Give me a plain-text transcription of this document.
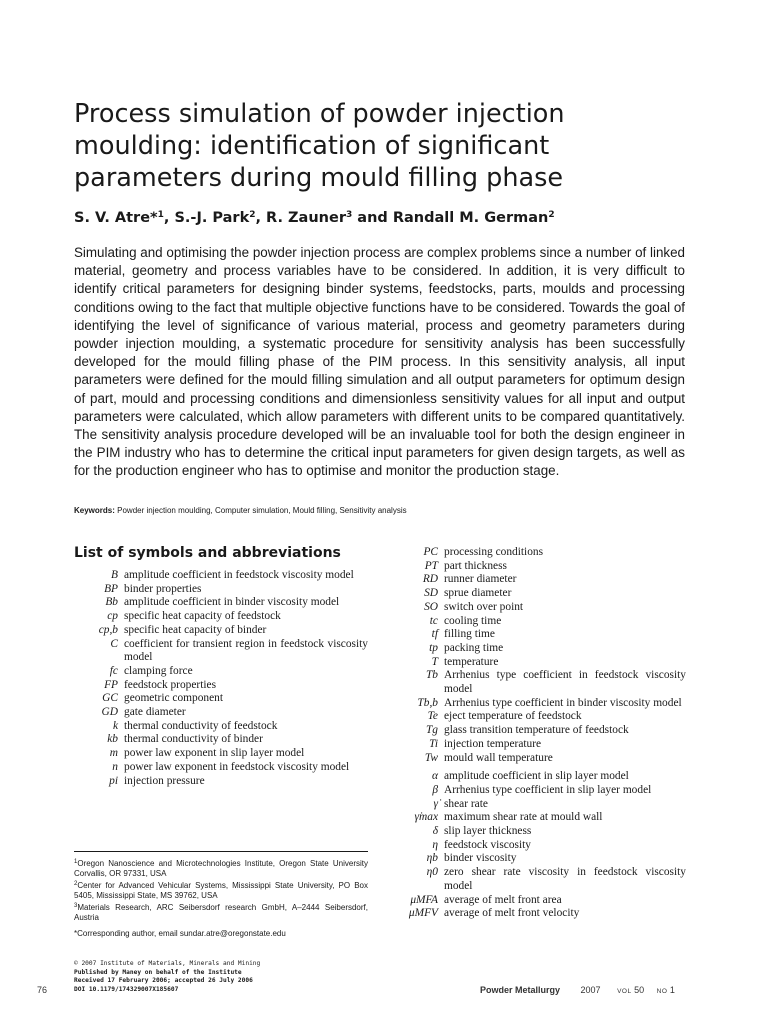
Process simulation of powder injection
moulding: identification of significant
parameters during mould filling phase
S. V. Atre*$^1$, S.-J. Park$^2$, R. Zauner$^3$ and Randall M. German$^2$

Simulating and optimising the powder injection process are complex problems since a number of linked material, geometry and process variables have to be considered. In addition, it is very difficult to identify critical parameters for designing binder systems, feedstocks, parts, moulds and processing conditions owing to the fact that multiple objective functions have to be considered. Towards the goal of identifying the level of significance of various material, process and geometry parameters during powder injection moulding, a systematic procedure for sensitivity analysis has been successfully developed for the mould filling phase of the PIM process. In this sensitivity analysis, all input parameters were defined for the mould filling simulation and all output parameters for optimum design of part, mould and processing conditions and dimensionless sensitivity values for all input and output parameters were calculated, which allow parameters with different units to be compared quantitatively. The sensitivity analysis procedure developed will be an invaluable tool for both the design engineer in the PIM industry who has to determine the critical input parameters for given design targets, as well as for the production engineer who has to optimise and monitor the production stage.

Keywords: Powder injection moulding, Computer simulation, Mould filling, Sensitivity analysis
List of symbols and abbreviations
B amplitude coefficient in feedstock viscosity model
BP binder properties
Bb amplitude coefficient in binder viscosity model
cp specific heat capacity of feedstock
cp,b specific heat capacity of binder
C coefficient for transient region in feedstock viscosity model
fc clamping force
FP feedstock properties
GC geometric component
GD gate diameter
k thermal conductivity of feedstock
kb thermal conductivity of binder
m power law exponent in slip layer model
n power law exponent in feedstock viscosity model
pi injection pressure
PC processing conditions
PT part thickness
RD runner diameter
SD sprue diameter
SO switch over point
tc cooling time
tf filling time
tp packing time
T temperature
Tb Arrhenius type coefficient in feedstock viscosity model
Tb,b Arrhenius type coefficient in binder viscosity model
Te eject temperature of feedstock
Tg glass transition temperature of feedstock
Ti injection temperature
Tw mould wall temperature
α amplitude coefficient in slip layer model
β Arrhenius type coefficient in slip layer model
γ̇ shear rate
γ̇max maximum shear rate at mould wall
δ slip layer thickness
η feedstock viscosity
ηb binder viscosity
η0 zero shear rate viscosity in feedstock viscosity model
μMFA average of melt front area
μMFV average of melt front velocity

$^1$Oregon Nanoscience and Microtechnologies Institute, Oregon State University Corvallis, OR 97331, USA

$^2$Center for Advanced Vehicular Systems, Mississippi State University, PO Box 5405, Mississippi State, MS 39762, USA

$^3$Materials Research, ARC Seibersdorf research GmbH, A–2444 Seibersdorf, Austria

*Corresponding author, email sundar.atre@oregonstate.edu

© 2007 Institute of Materials, Minerals and Mining
Published by Maney on behalf of the Institute
Received 17 February 2006; accepted 26 July 2006
DOI 10.1179/174329007X185607
76	Powder Metallurgy 2007	VOL 50 NO 1
